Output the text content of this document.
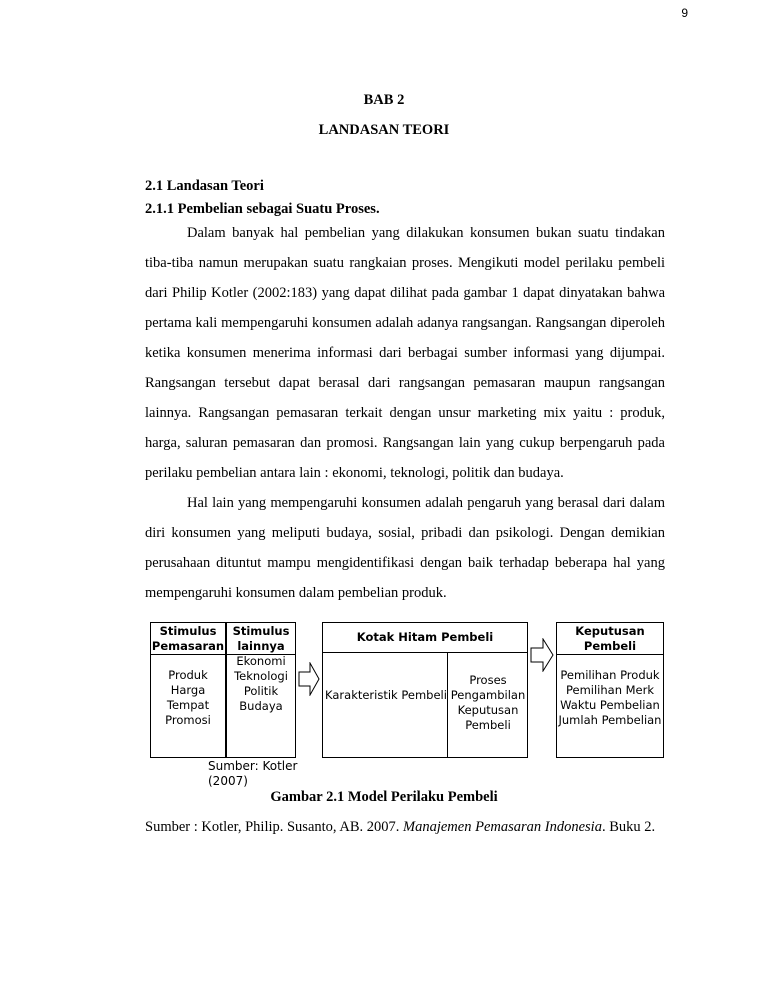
9
BAB 2
LANDASAN TEORI
2.1 Landasan Teori
2.1.1 Pembelian sebagai Suatu Proses.

Dalam banyak hal pembelian yang dilakukan konsumen bukan suatu tindakan tiba-tiba namun merupakan suatu rangkaian proses. Mengikuti model perilaku pembeli dari Philip Kotler (2002:183) yang dapat dilihat pada gambar 1 dapat dinyatakan bahwa pertama kali mempengaruhi konsumen adalah adanya rangsangan. Rangsangan diperoleh ketika konsumen menerima informasi dari berbagai sumber informasi yang dijumpai. Rangsangan tersebut dapat berasal dari rangsangan pemasaran maupun rangsangan lainnya. Rangsangan pemasaran terkait dengan unsur marketing mix yaitu : produk, harga, saluran pemasaran dan promosi. Rangsangan lain yang cukup berpengaruh pada perilaku pembelian antara lain : ekonomi, teknologi, politik dan budaya.

Hal lain yang mempengaruhi konsumen adalah pengaruh yang berasal dari dalam diri konsumen yang meliputi budaya, sosial, pribadi dan psikologi. Dengan demikian perusahaan dituntut mampu mengidentifikasi dengan baik terhadap beberapa hal yang mempengaruhi konsumen dalam pembelian produk.

Stimulus
Pemasaran
Produk
Harga
Tempat
Promosi
Stimulus
lainnya
Ekonomi
Teknologi
Politik
Budaya
Kotak Hitam Pembeli
Karakteristik Pembeli
Proses
Pengambilan
Keputusan
Pembeli
Keputusan
Pembeli
Pemilihan Produk
Pemilihan Merk
Waktu Pembelian
Jumlah Pembelian
Sumber: Kotler (2007)
Gambar 2.1 Model Perilaku Pembeli
Sumber : Kotler, Philip. Susanto, AB. 2007. Manajemen Pemasaran Indonesia. Buku 2.
